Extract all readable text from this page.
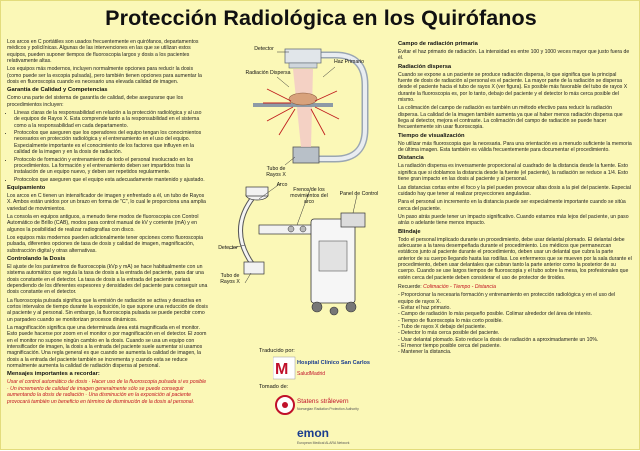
Protección Radiológica en los Quirófanos

Los arcos en C portátiles son usados frecuentemente en quirófanos, departamentos médicos y policlínicas. Algunas de las intervenciones en las que se utilizan estos equipos, pueden suponer tiempos de fluoroscopia largos y dosis a los pacientes relativamente altas.

Los equipos más modernos, incluyen normalmente opciones para reducir la dosis (como puede ser la escopia pulsada), pero también tienen opciones para aumentar la dosis en fluoroscopia cuando es necesario una elevada calidad de imagen.

Garantía de Calidad y Competencias

Como una parte del sistema de garantía de calidad, debe asegurarse que los procedimientos incluyen:

• Líneas claras de la responsabilidad en relación a la protección radiológica y al uso de equipos de Rayos X. Esta comprende tanto a la responsabilidad en el sistema como a la responsabilidad en cada departamento.
• Protocolos que aseguren que los operadores del equipo tengan los conocimientos necesarios en protección radiológica y el entrenamiento en el uso del equipo. Especialmente importante es el conocimiento de los factores que influyen en la calidad de la imagen y en la dosis de radiación.
• Protocolo de formación y entrenamiento de todo el personal involucrado en los procedimientos. La formación y el entrenamiento deben ser impartidos tras la instalación de un equipo nuevo, y deben ser repetidos regularmente.
• Protocolos que aseguren que el equipo esta adecuadamente mantenido y ajustado.
Equipamiento

Los arcos en C tienen un intensificador de imagen y enfrentado a él, un tubo de Rayos X. Ambos están unidos por un brazo en forma de "C", lo cual le proporciona una amplia variedad de movimientos.

La consola en equipos antiguos, a menudo tiene modos de fluoroscopia con Control Automático de Brillo (CAB), modos para control manual de kV y corriente (mA) y en algunos la posibilidad de realizar radiografías con disco.

Los equipos más modernos pueden adicionalmente tener opciones como fluoroscopia pulsada, diferentes opciones de tasa de dosis y calidad de imagen, magnificación, substracción digital y otras alternativas.

Controlando la Dosis

El ajuste de los parámetros de fluoroscopia (kVp y mA) se hace habitualmente con un sistema automático que regula la tasa de dosis a la entrada del paciente, para dar una dosis constante en el detector. La tasa de dosis a la entrada del paciente variará dependiendo de los diferentes espesores y densidades del paciente para conseguir una dosis constante en el detector.

La fluoroscopia pulsada significa que la emisión de radiación se activa y desactiva en cortos intervalos de tiempo durante la exposición, lo que supone una reducción de dosis al paciente y al personal. Sin embargo, la fluoroscopia pulsada se puede percibir como un parpadeo cuando se monitorizan procesos dinámicos.

La magnificación significa que una determinada área está magnificada en el monitor. Esto puede hacerse por zoom en el monitor o por magnificación en el detector. El zoom en el monitor no supone ningún cambio en la dosis. Cuando se usa un equipo con intensificador de imagen, la dosis a la entrada del paciente suele aumentar si usamos magnificación. Una regla general es que cuando se aumenta la calidad de imagen, la dosis a la entrada del paciente también se incrementa y cuando esta se reduce normalmente aumenta la calidad de radiación dispersa al personal.

Mensajes importantes a recordar:

Usar el control automático de dosis · Hacer uso de la fluoroscopia pulsada si es posible · Un incremento de calidad de imagen generalmente sólo se puede conseguir aumentando la dosis de radiación · Una disminución en la exposición al paciente provocará también un beneficio en término de disminución de la dosis al personal.

Detector
Haz Primario
Radiación Dispersa
Tubo de Rayos X
Arco
Frenos de los movimientos del arco
Detector
Panel de Control
Tubo de Rayos X
Traducido por:
M Hospital Clínico San Carlos
SaludMadrid
Tomado de:
Statens strålevern
Norwegian Radiation Protection Authority
emon
European Medical ALARA Network
Campo de radiación primaria

Evitar el haz primario de radiación. La intensidad es entre 100 y 1000 veces mayor que justo fuera de él.

Radiación dispersa

Cuando se expone a un paciente se produce radiación dispersa, lo que significa que la principal fuente de dosis de radiación al personal es el paciente. La mayor parte de la radiación se dispersa desde el paciente hacia el tubo de rayos X (ver figura). Es posible más favorable del tubo de rayos X durante la fluoroscopia es, por lo tanto, debajo del paciente y el detector lo más cerca posible del mismo.

La colimación del campo de radiación es también un método efectivo para reducir la radiación dispersa. La calidad de la imagen también aumenta ya que al haber menos radiación dispersa que llega al detector, mejora el contraste. La colimación del campo de radiación se puede hacer frecuentemente sin usar fluoroscopia.

Tiempo de visualización

No utilizar más fluoroscopia que la necesaria. Para una orientación es a menudo suficiente la memoria de última imagen. Esta también es válida frecuentemente para documentar el procedimiento.

Distancia

La radiación dispersa es inversamente proporcional al cuadrado de la distancia desde la fuente. Esto significa que si doblamos la distancia desde la fuente (el paciente), la radiación se reduce a 1/4. Esto tiene gran impacto en las dosis al paciente y al personal.

Las distancias cortas entre el foco y la piel pueden provocar altas dosis a la piel del paciente. Especial cuidado hay que tener al realizar proyecciones anguladas.

Para el personal un incremento en la distancia puede ser especialmente importante cuando se sitúa cerca del paciente.

Un paso atrás puede tener un impacto significativo. Cuando estamos más lejos del paciente, un paso atrás o adelante tiene menos impacto.

Blindaje

Todo el personal implicado durante un procedimiento, debe usar delantal plomado. El delantal debe adecuarse a la tarea desempeñada durante el procedimiento. Los médicos que permanezcan estáticos junto al paciente durante el procedimiento, deben usar un delantal que cubra la parte anterior de su cuerpo llegando hasta las rodillas. Los enfermeros que se mueven por la sala durante el procedimiento, deben usar delantales que cubran tanto la parte anterior como la posterior de su cuerpo. Cuando se use largos tiempos de fluoroscopia y el tubo sobre la mesa, los profesionales que estén cerca del paciente deben considerar el uso de protector de tiroides.

Recuerde: Colimación - Tiempo - Distancia

- Proporcionar la necesaria formación y entrenamiento en protección radiológica y en el uso del equipo de rayos X.
- Evitar el haz primario.
- Campo de radiación lo más pequeño posible. Colimar alrededor del área de interés.
- Tiempo de fluoroscopia lo más corto posible.
- Tubo de rayos X debajo del paciente.
- Detector lo más cerca posible del paciente.
- Usar delantal plomado. Esto reduce la dosis de radiación a aproximadamente un 10%.
- El menor tiempo posible cerca del paciente.
- Mantener la distancia.
